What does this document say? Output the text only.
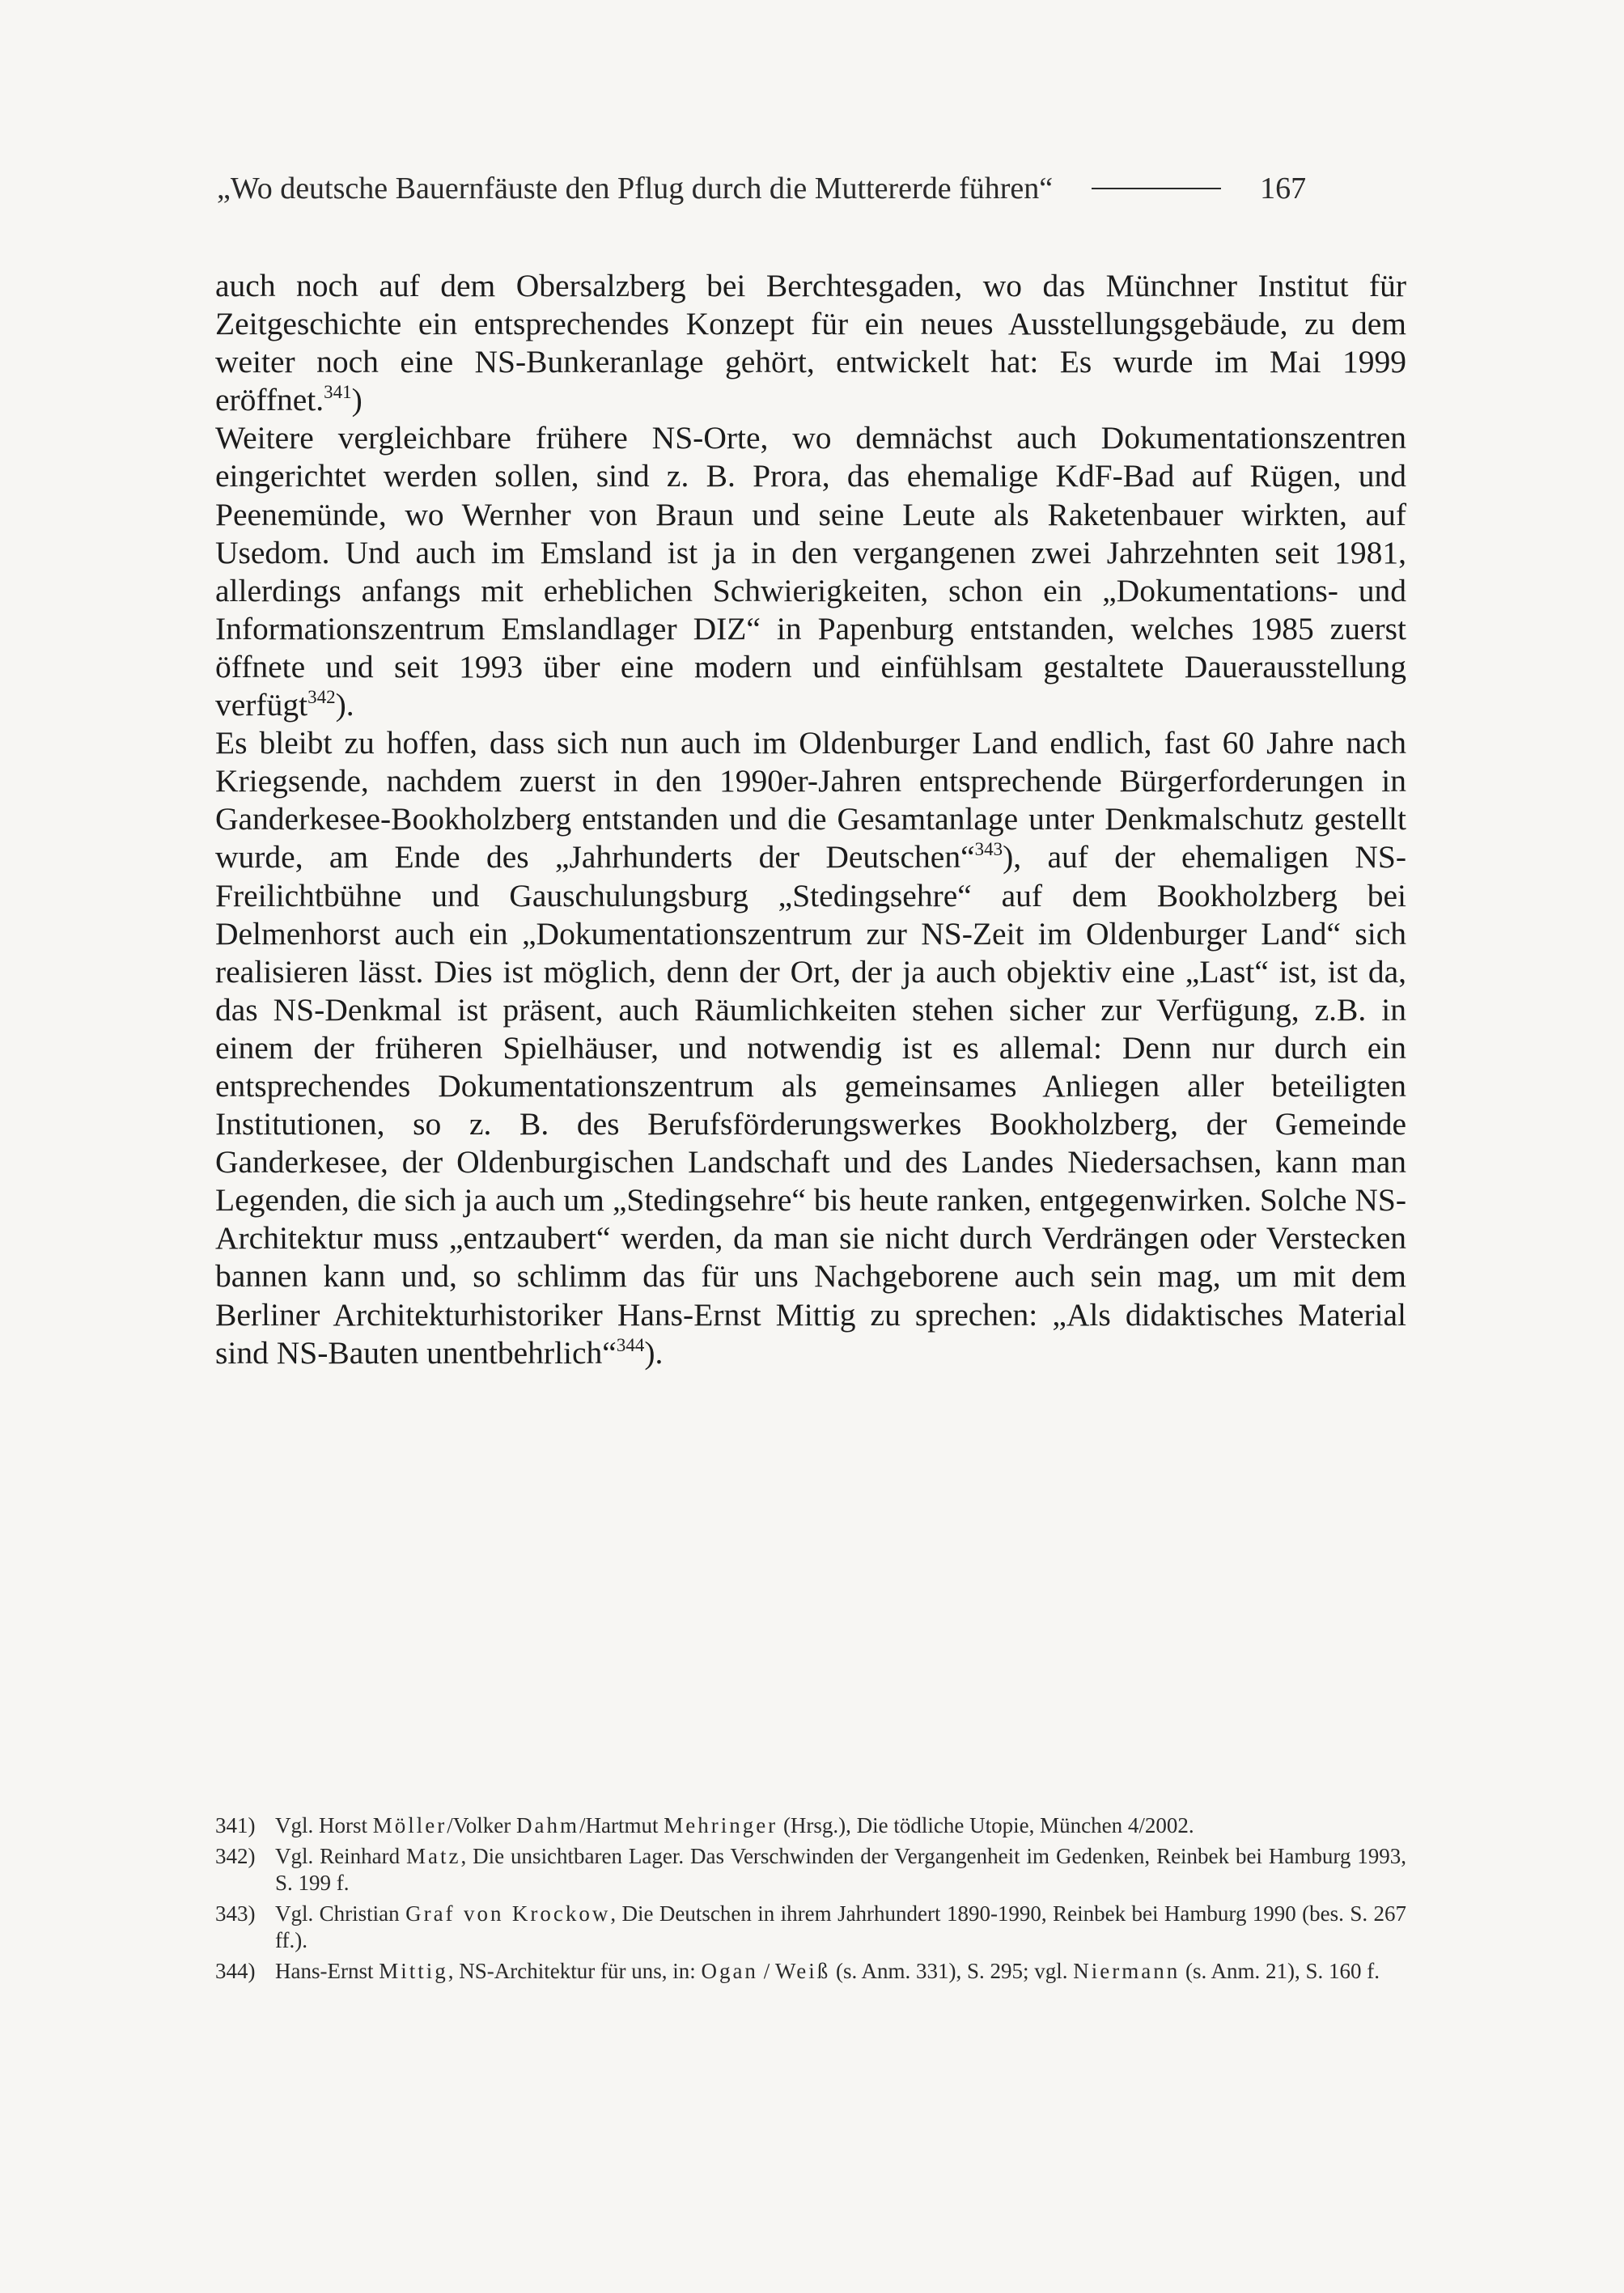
„Wo deutsche Bauernfäuste den Pflug durch die Muttererde führen“	167

auch noch auf dem Obersalzberg bei Berchtesgaden, wo das Münchner Institut für Zeitgeschichte ein entsprechendes Konzept für ein neues Ausstellungsgebäude, zu dem weiter noch eine NS-Bunkeranlage gehört, entwickelt hat: Es wurde im Mai 1999 eröffnet.$^{341}$)

Weitere vergleichbare frühere NS-Orte, wo demnächst auch Dokumentationszentren eingerichtet werden sollen, sind z. B. Prora, das ehemalige KdF-Bad auf Rügen, und Peenemünde, wo Wernher von Braun und seine Leute als Raketenbauer wirkten, auf Usedom. Und auch im Emsland ist ja in den vergangenen zwei Jahrzehnten seit 1981, allerdings anfangs mit erheblichen Schwierigkeiten, schon ein „Dokumentations- und Informationszentrum Emslandlager DIZ“ in Papenburg entstanden, welches 1985 zuerst öffnete und seit 1993 über eine modern und einfühlsam gestaltete Dauerausstellung verfügt$^{342}$).

Es bleibt zu hoffen, dass sich nun auch im Oldenburger Land endlich, fast 60 Jahre nach Kriegsende, nachdem zuerst in den 1990er-Jahren entsprechende Bürgerforderungen in Ganderkesee-Bookholzberg entstanden und die Gesamtanlage unter Denkmalschutz gestellt wurde, am Ende des „Jahrhunderts der Deutschen“$^{343}$), auf der ehemaligen NS-Freilichtbühne und Gauschulungsburg „Stedingsehre“ auf dem Bookholzberg bei Delmenhorst auch ein „Dokumentationszentrum zur NS-Zeit im Oldenburger Land“ sich realisieren lässt. Dies ist möglich, denn der Ort, der ja auch objektiv eine „Last“ ist, ist da, das NS-Denkmal ist präsent, auch Räumlichkeiten stehen sicher zur Verfügung, z.B. in einem der früheren Spielhäuser, und notwendig ist es allemal: Denn nur durch ein entsprechendes Dokumentationszentrum als gemeinsames Anliegen aller beteiligten Institutionen, so z. B. des Berufsförderungswerkes Bookholzberg, der Gemeinde Ganderkesee, der Oldenburgischen Landschaft und des Landes Niedersachsen, kann man Legenden, die sich ja auch um „Stedingsehre“ bis heute ranken, entgegenwirken. Solche NS-Architektur muss „entzaubert“ werden, da man sie nicht durch Verdrängen oder Verstecken bannen kann und, so schlimm das für uns Nachgeborene auch sein mag, um mit dem Berliner Architekturhistoriker Hans-Ernst Mittig zu sprechen: „Als didaktisches Material sind NS-Bauten unentbehrlich“$^{344}$).

341) Vgl. Horst Möller/Volker Dahm/Hartmut Mehringer (Hrsg.), Die tödliche Utopie, München 4/2002.
342) Vgl. Reinhard Matz, Die unsichtbaren Lager. Das Verschwinden der Vergangenheit im Gedenken, Reinbek bei Hamburg 1993, S. 199 f.
343) Vgl. Christian Graf von Krockow, Die Deutschen in ihrem Jahrhundert 1890-1990, Reinbek bei Hamburg 1990 (bes. S. 267 ff.).
344) Hans-Ernst Mittig, NS-Architektur für uns, in: Ogan / Weiß (s. Anm. 331), S. 295; vgl. Niermann (s. Anm. 21), S. 160 f.
